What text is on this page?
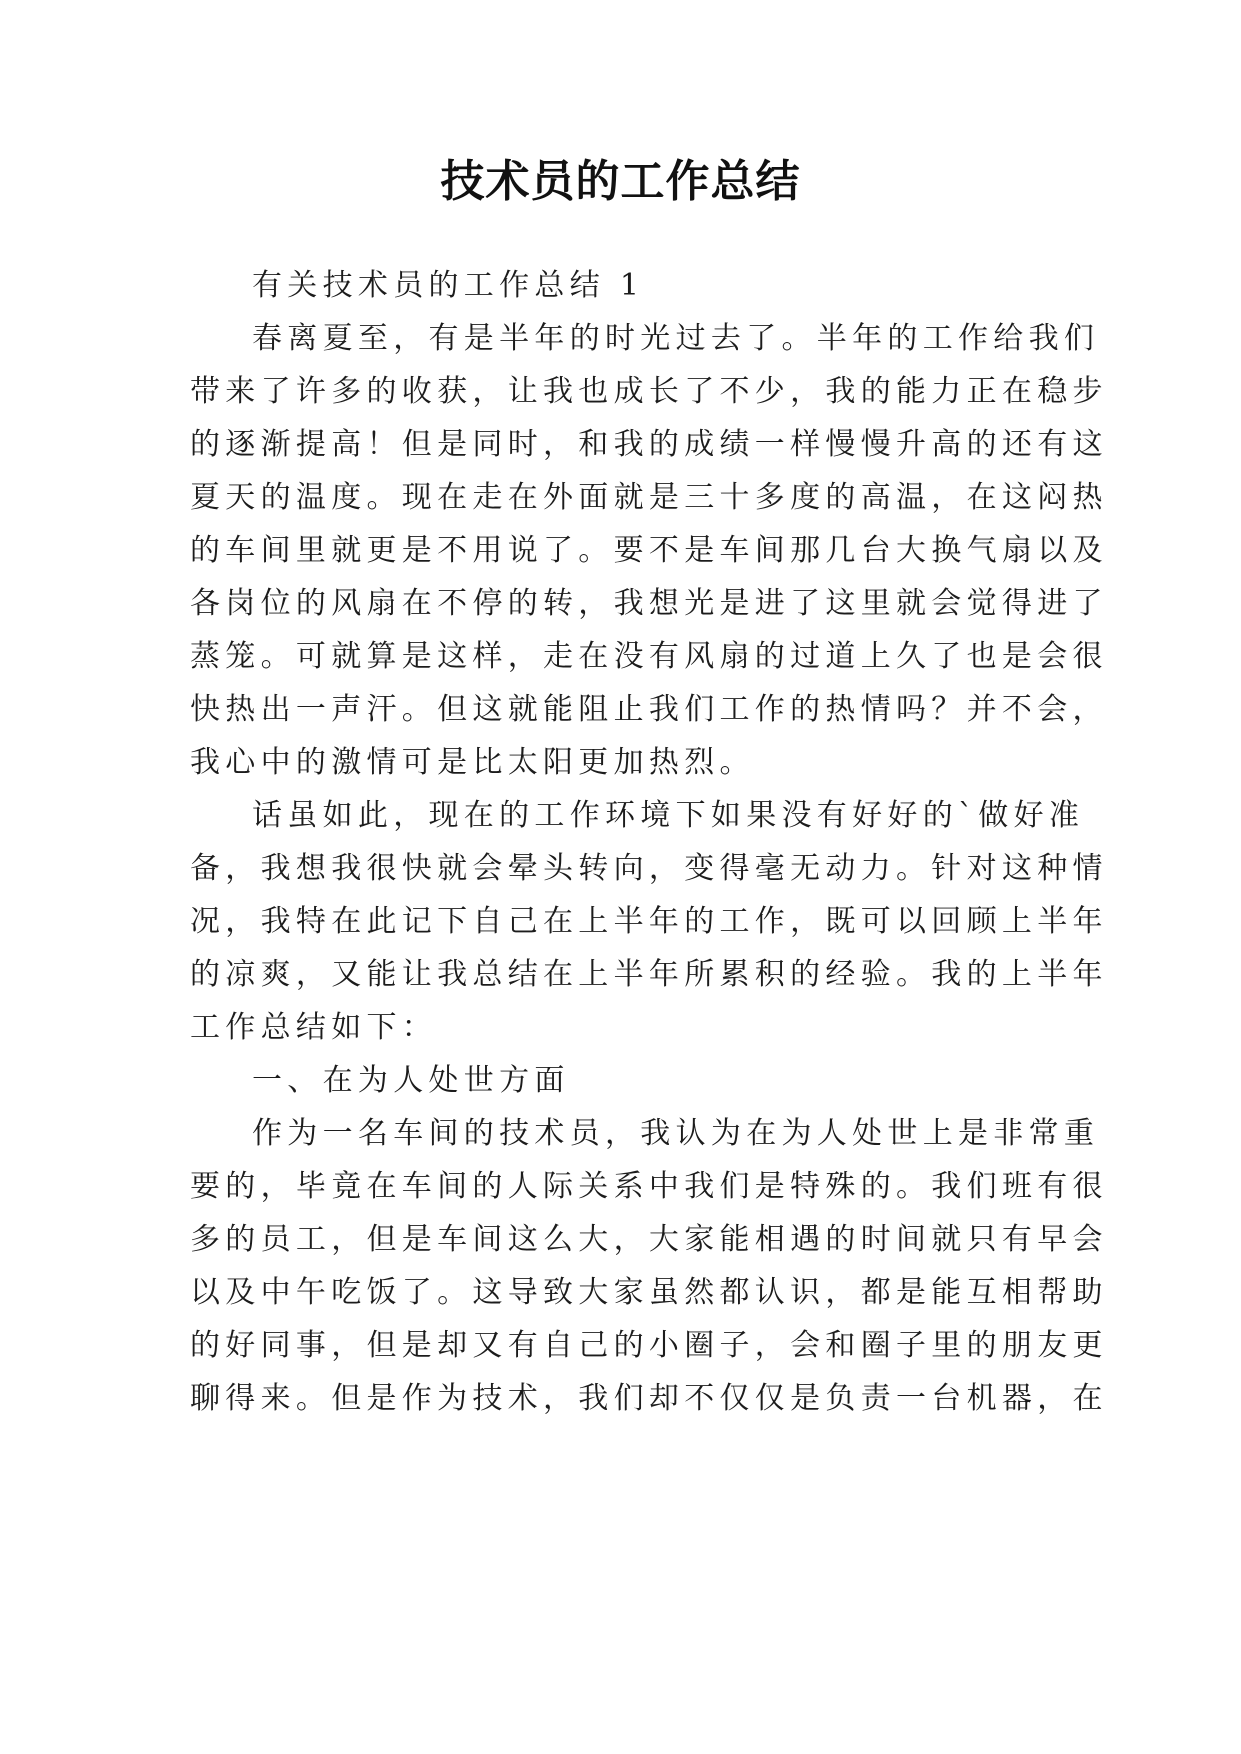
技术员的工作总结

有关技术员的工作总结 1

春离夏至，有是半年的时光过去了。半年的工作给我们

带来了许多的收获，让我也成长了不少，我的能力正在稳步

的逐渐提高！但是同时，和我的成绩一样慢慢升高的还有这

夏天的温度。现在走在外面就是三十多度的高温，在这闷热

的车间里就更是不用说了。要不是车间那几台大换气扇以及

各岗位的风扇在不停的转，我想光是进了这里就会觉得进了

蒸笼。可就算是这样，走在没有风扇的过道上久了也是会很

快热出一声汗。但这就能阻止我们工作的热情吗？并不会，

我心中的激情可是比太阳更加热烈。

话虽如此，现在的工作环境下如果没有好好的`做好准

备，我想我很快就会晕头转向，变得毫无动力。针对这种情

况，我特在此记下自己在上半年的工作，既可以回顾上半年

的凉爽，又能让我总结在上半年所累积的经验。我的上半年

工作总结如下：

一、在为人处世方面

作为一名车间的技术员，我认为在为人处世上是非常重

要的，毕竟在车间的人际关系中我们是特殊的。我们班有很

多的员工，但是车间这么大，大家能相遇的时间就只有早会

以及中午吃饭了。这导致大家虽然都认识，都是能互相帮助

的好同事，但是却又有自己的小圈子，会和圈子里的朋友更

聊得来。但是作为技术，我们却不仅仅是负责一台机器，在
